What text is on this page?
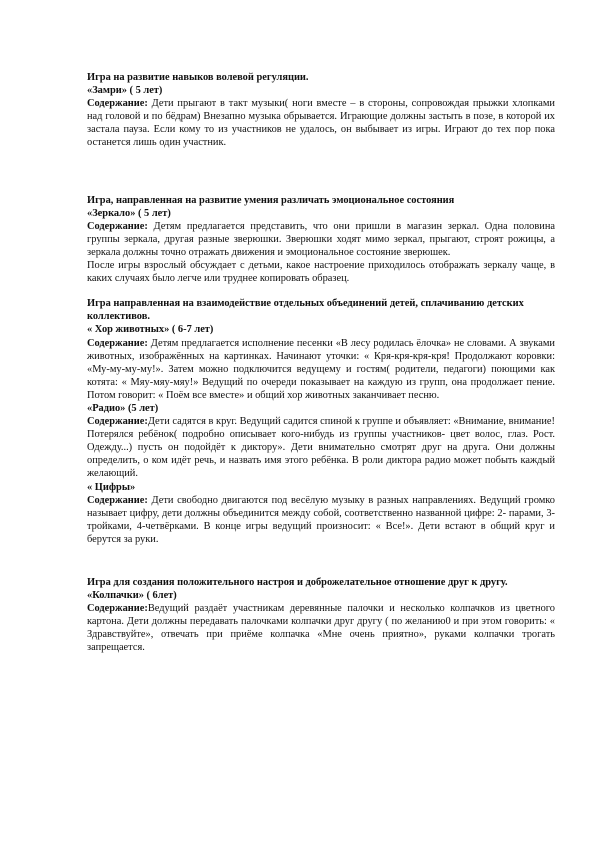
Игра на развитие навыков волевой регуляции.

«Замри» ( 5 лет)

Содержание: Дети прыгают в такт музыки( ноги вместе – в стороны, сопровождая прыжки хлопками над головой и по бёдрам) Внезапно музыка обрывается. Играющие должны застыть в позе, в которой их застала пауза. Если кому то из участников не удалось, он выбывает из игры. Играют до тех пор пока останется лишь один участник.

Игра, направленная на развитие умения различать эмоциональное состояния

«Зеркало» ( 5 лет)

Содержание: Детям предлагается представить, что они пришли в магазин зеркал. Одна половина группы зеркала, другая разные зверюшки. Зверюшки ходят мимо зеркал, прыгают, строят рожицы, а зеркала должны точно отражать движения и эмоциональное состояние зверюшек.

После игры взрослый обсуждает с детьми, какое настроение приходилось отображать зеркалу чаще, в каких случаях было легче или труднее копировать образец.

Игра направленная на взаимодействие отдельных объединений детей, сплачиванию детских коллективов.

« Хор животных» ( 6-7 лет)

Содержание: Детям предлагается исполнение песенки «В лесу родилась ёлочка» не словами. А звуками животных, изображённых на картинках. Начинают уточки: « Кря-кря-кря-кря! Продолжают коровки: «Му-му-му-му!». Затем можно подключится ведущему и гостям( родители, педагоги) поющими как котята: « Мяу-мяу-мяу!» Ведущий по очереди показывает на каждую из групп, она продолжает пение. Потом говорит: « Поём все вместе» и общий хор животных заканчивает песню.

«Радио» (5 лет)

Содержание:Дети садятся в круг. Ведущий садится спиной к группе и объявляет: «Внимание, внимание! Потерялся ребёнок( подробно описывает кого-нибудь из группы участников- цвет волос, глаз. Рост. Одежду...) пусть он подойдёт к диктору». Дети внимательно смотрят друг на друга. Они должны определить, о ком идёт речь, и назвать имя этого ребёнка. В роли диктора радио может побыть каждый желающий.

« Цифры»

Содержание: Дети свободно двигаются под весёлую музыку в разных направлениях. Ведущий громко называет цифру, дети должны объединится между собой, соответственно названной цифре: 2- парами, 3-тройками, 4-четвёрками. В конце игры ведущий произносит: « Все!». Дети встают в общий круг и берутся за руки.

Игра для создания положительного настроя и доброжелательное отношение друг к другу.

«Колпачки» ( 6лет)

Содержание:Ведущий раздаёт участникам деревянные палочки и несколько колпачков из цветного картона. Дети должны передавать палочками колпачки друг другу ( по желанию0 и при этом говорить: « Здравствуйте», отвечать при приёме колпачка «Мне очень приятно», руками колпачки трогать запрещается.
